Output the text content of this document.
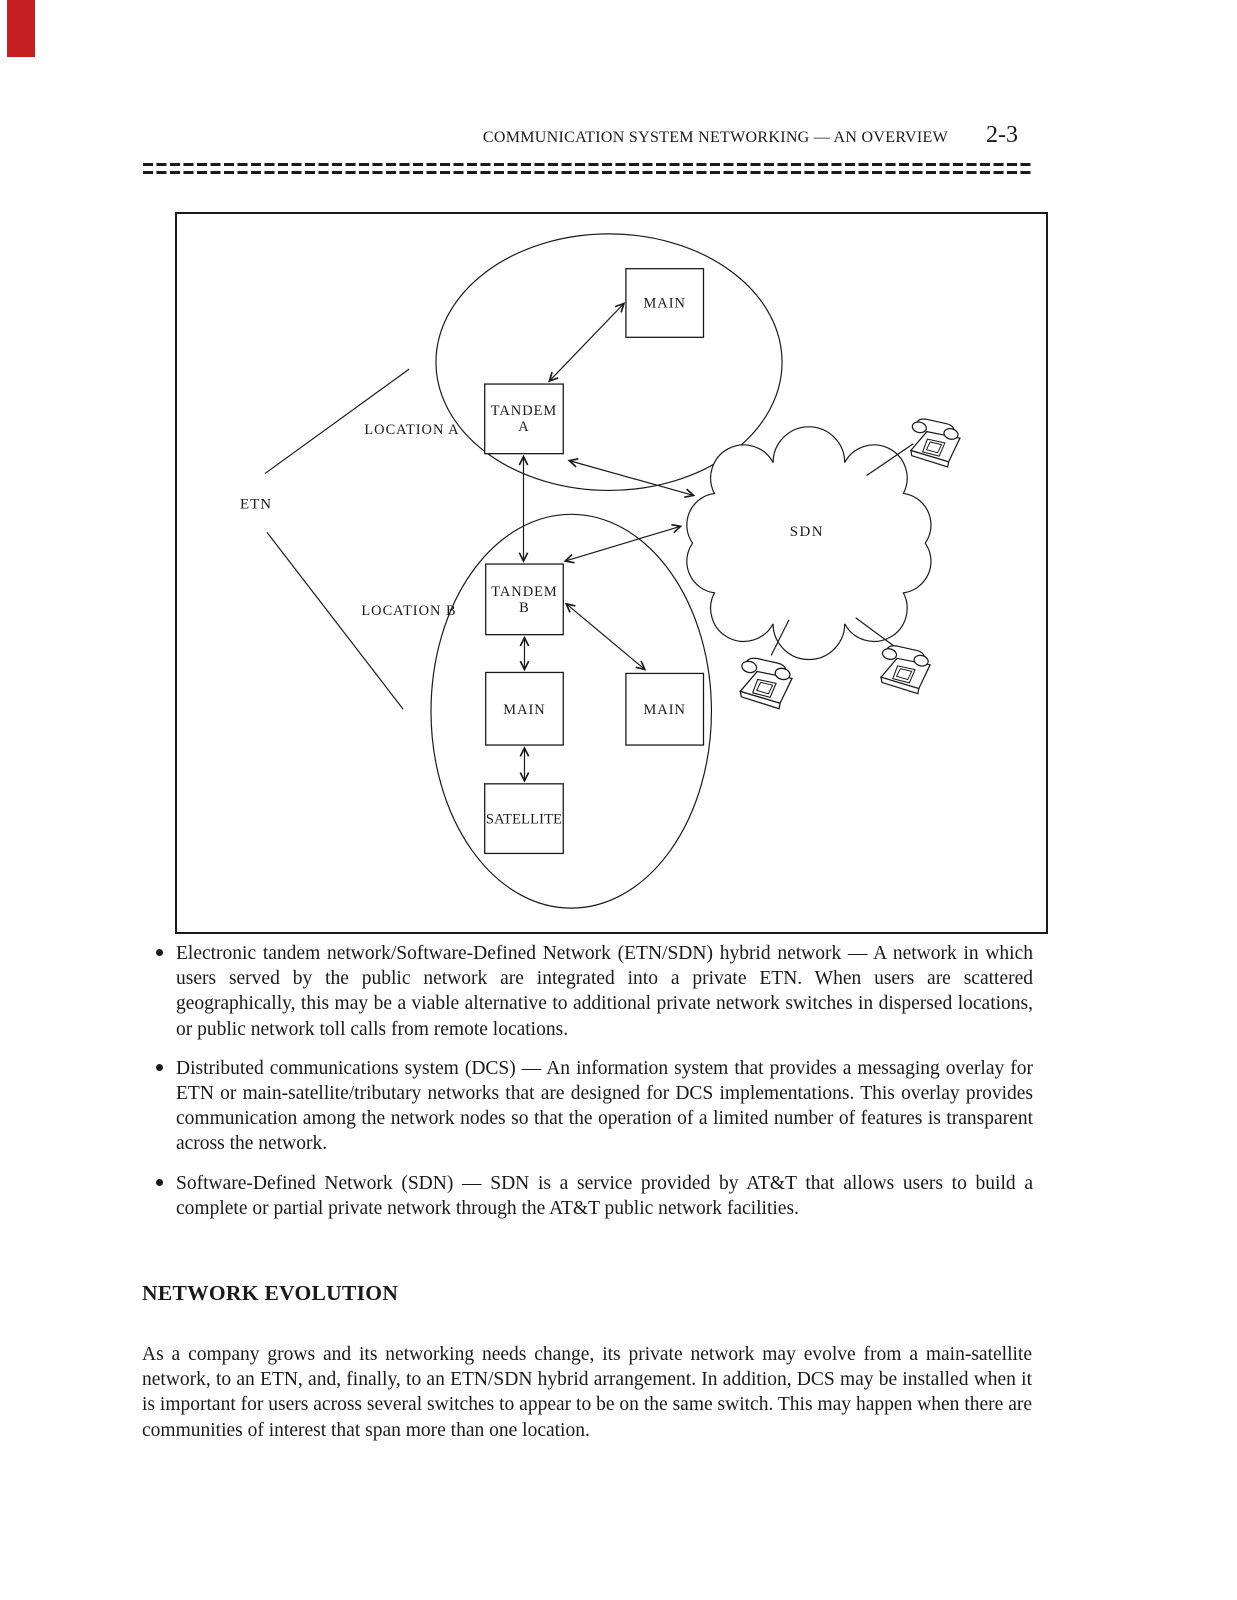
COMMUNICATION SYSTEM NETWORKING — AN OVERVIEW 2-3
MAIN
TANDEM
A
TANDEM
B
MAIN	MAIN
SATELLITE
ETN
LOCATION A
LOCATION B
SDN
Electronic tandem network/Software-Defined Network (ETN/SDN) hybrid network — A network in which users served by the public network are integrated into a private ETN. When users are scattered geographically, this may be a viable alternative to additional private network switches in dispersed locations, or public network toll calls from remote locations.
Distributed communications system (DCS) — An information system that provides a messaging overlay for ETN or main-satellite/tributary networks that are designed for DCS implementations. This overlay provides communication among the network nodes so that the operation of a limited number of features is transparent across the network.
Software-Defined Network (SDN) — SDN is a service provided by AT&T that allows users to build a complete or partial private network through the AT&T public network facilities.
NETWORK EVOLUTION

As a company grows and its networking needs change, its private network may evolve from a main-satellite network, to an ETN, and, finally, to an ETN/SDN hybrid arrangement. In addition, DCS may be installed when it is important for users across several switches to appear to be on the same switch. This may happen when there are communities of interest that span more than one location.
